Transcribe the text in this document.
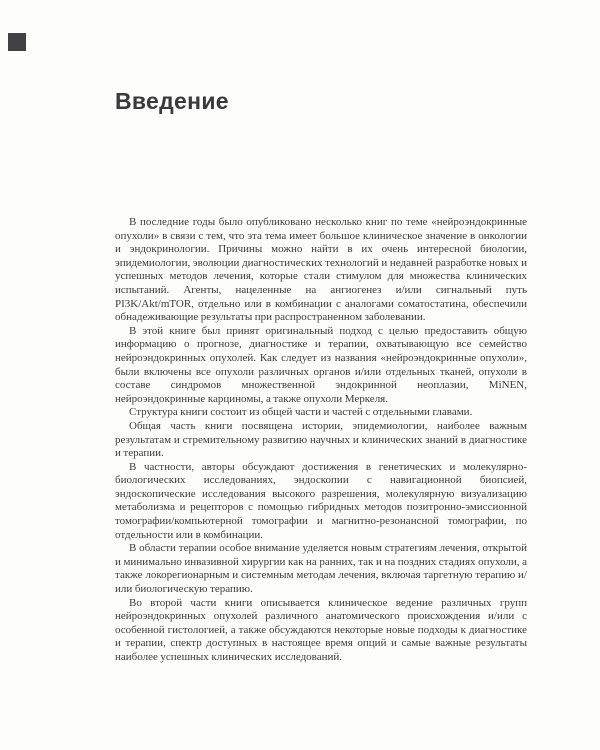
Введение

В последние годы было опубликовано несколько книг по теме «нейроэндокринные опухоли» в связи с тем, что эта тема имеет большое клиническое значение в онкологии и эндокринологии. Причины можно найти в их очень интересной биологии, эпидемиологии, эволюции диагностических технологий и недавней разработке новых и успешных методов лечения, которые стали стимулом для множества клинических испытаний. Агенты, нацеленные на ангиогенез и/или сигнальный путь PI3K/Akt/mTOR, отдельно или в комбинации с аналогами соматостатина, обеспечили обнадеживающие результаты при распространенном заболевании.

В этой книге был принят оригинальный подход с целью предоставить общую информацию о прогнозе, диагностике и терапии, охватывающую все семейство нейроэндокринных опухолей. Как следует из названия «нейроэндокринные опухоли», были включены все опухоли различных органов и/или отдельных тканей, опухоли в составе синдромов множественной эндокринной неоплазии, MiNEN, нейроэндокринные карциномы, а также опухоли Меркеля.

Структура книги состоит из общей части и частей с отдельными главами.

Общая часть книги посвящена истории, эпидемиологии, наиболее важным результатам и стремительному развитию научных и клинических знаний в диагностике и терапии.

В частности, авторы обсуждают достижения в генетических и молекулярно-биологических исследованиях, эндоскопии с навигационной биопсией, эндоскопические исследования высокого разрешения, молекулярную визуализацию метаболизма и рецепторов с помощью гибридных методов позитронно-эмиссионной томографии/компьютерной томографии и магнитно-резонансной томографии, по отдельности или в комбинации.

В области терапии особое внимание уделяется новым стратегиям лечения, открытой и минимально инвазивной хирургии как на ранних, так и на поздних стадиях опухоли, а также локорегионарным и системным методам лечения, включая таргетную терапию и/или биологическую терапию.

Во второй части книги описывается клиническое ведение различных групп нейроэндокринных опухолей различного анатомического происхождения и/или с особенной гистологией, а также обсуждаются некоторые новые подходы к диагностике и терапии, спектр доступных в настоящее время опций и самые важные результаты наиболее успешных клинических исследований.
